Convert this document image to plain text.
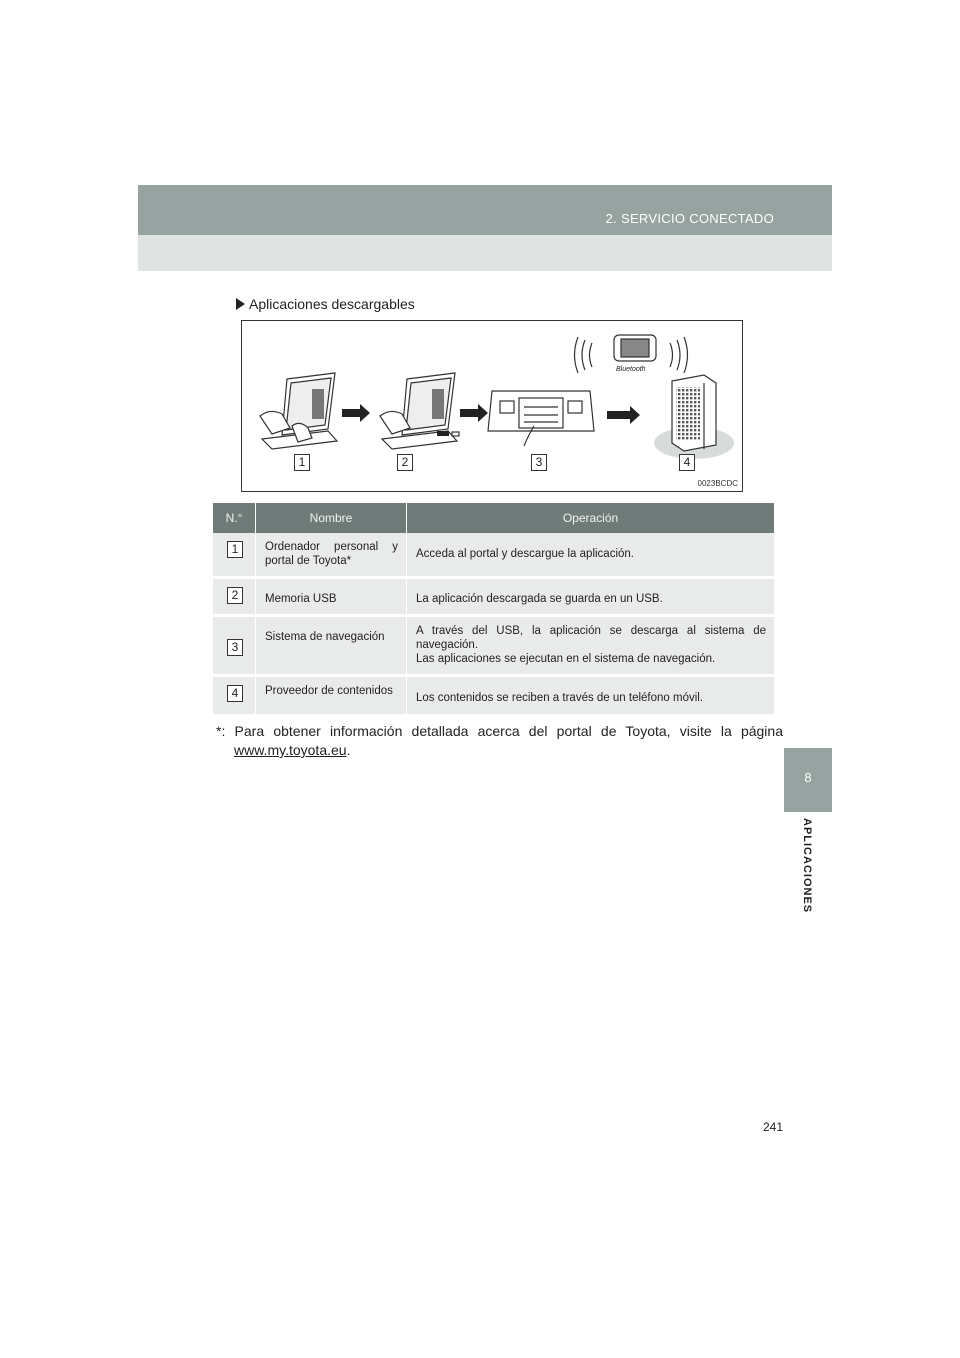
2. SERVICIO CONECTADO
8
APLICACIONES
Aplicaciones descargables
Bluetooth
1	2	3	4
0023BCDC
N.°	Nombre	Operación
1	Ordenador personal y portal de Toyota*	Acceda al portal y descargue la aplicación.
2	Memoria USB	La aplicación descargada se guarda en un USB.
3	Sistema de navegación	A través del USB, la aplicación se descarga al sistema de navegación.
Las aplicaciones se ejecutan en el sistema de navegación.

4	Proveedor de contenidos	Los contenidos se reciben a través de un teléfono móvil.
*: Para obtener información detallada acerca del portal de Toyota, visite la página www.my.toyota.eu.
241
